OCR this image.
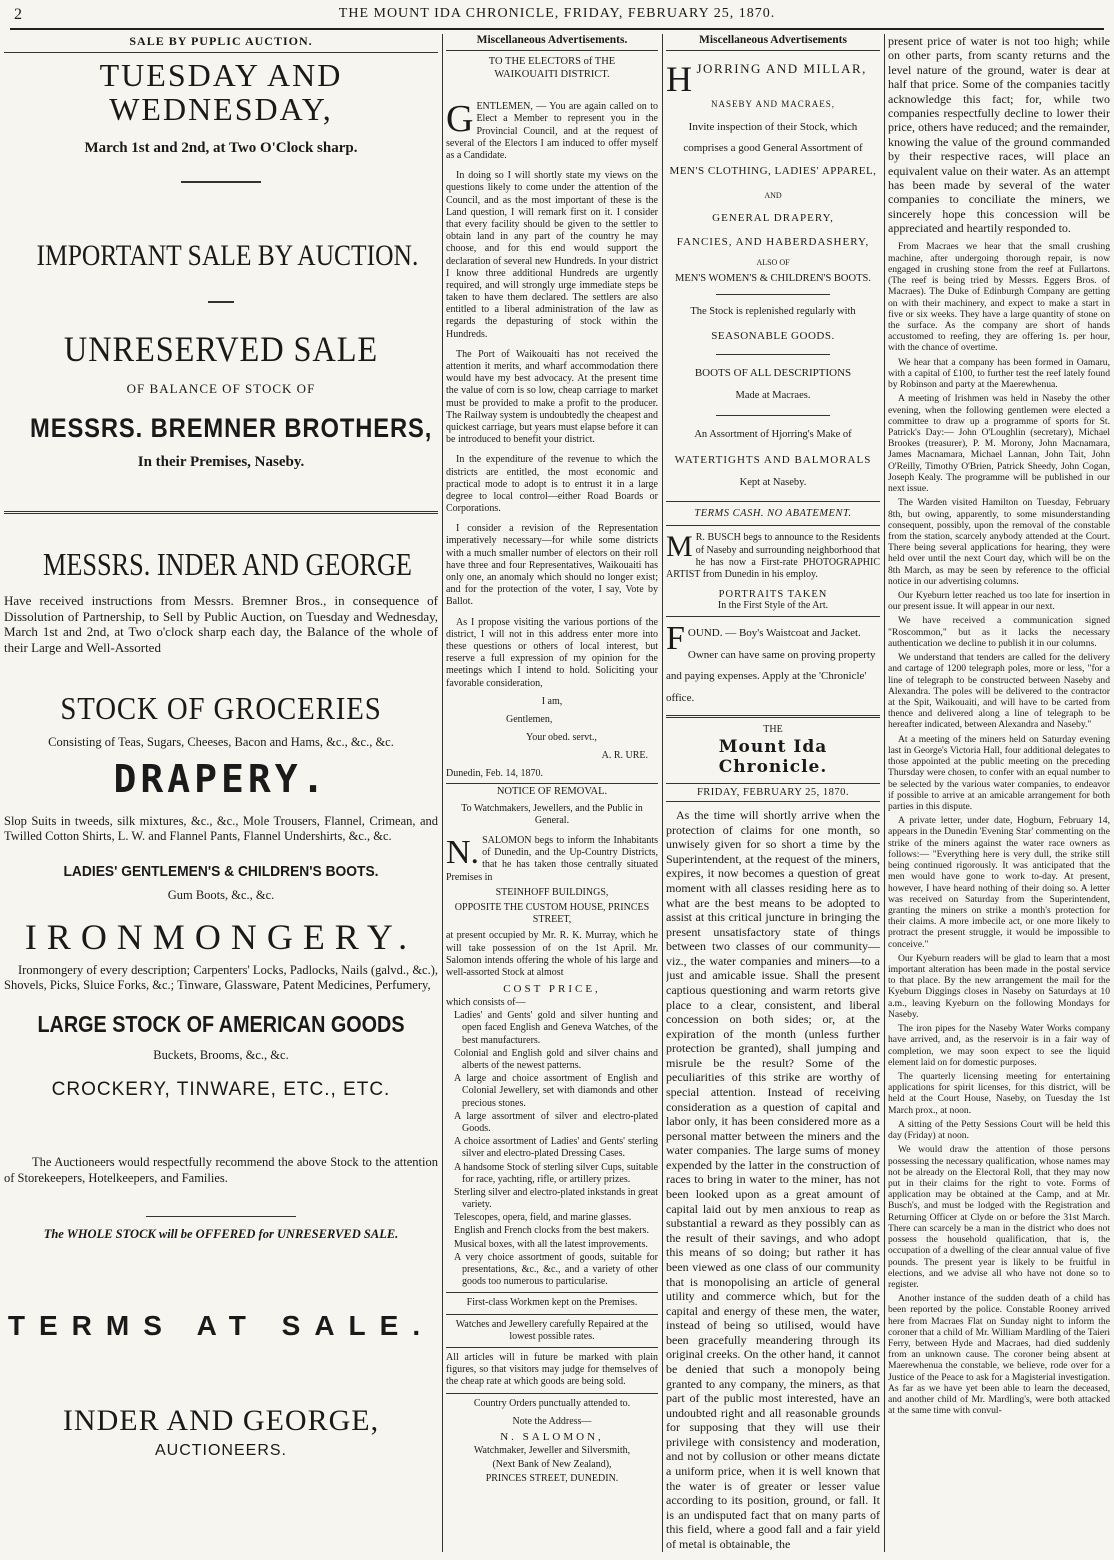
2	THE MOUNT IDA CHRONICLE, FRIDAY, FEBRUARY 25, 1870.
SALE BY PUPLIC AUCTION.
TUESDAY AND WEDNESDAY,
March 1st and 2nd, at Two O'Clock sharp.
IMPORTANT SALE BY AUCTION.
UNRESERVED SALE
OF BALANCE OF STOCK OF
MESSRS. BREMNER BROTHERS,
In their Premises, Naseby.
MESSRS. INDER AND GEORGE

Have received instructions from Messrs. Bremner Bros., in consequence of Dissolution of Partnership, to Sell by Public Auction, on Tuesday and Wednesday, March 1st and 2nd, at Two o'clock sharp each day, the Balance of the whole of their Large and Well-Assorted

STOCK OF GROCERIES
Consisting of Teas, Sugars, Cheeses, Bacon and Hams, &c., &c., &c.
DRAPERY.

Slop Suits in tweeds, silk mixtures, &c., &c., Mole Trousers, Flannel, Crimean, and Twilled Cotton Shirts, L. W. and Flannel Pants, Flannel Undershirts, &c., &c.

LADIES' GENTLEMEN'S & CHILDREN'S BOOTS.
Gum Boots, &c., &c.
IRONMONGERY.

Ironmongery of every description; Carpenters' Locks, Padlocks, Nails (galvd., &c.), Shovels, Picks, Sluice Forks, &c.; Tinware, Glassware, Patent Medicines, Perfumery,

LARGE STOCK OF AMERICAN GOODS
Buckets, Brooms, &c., &c.
CROCKERY, TINWARE, ETC., ETC.

The Auctioneers would respectfully recommend the above Stock to the attention of Storekeepers, Hotelkeepers, and Families.

The WHOLE STOCK will be OFFERED for UNRESERVED SALE.
TERMS AT SALE.
INDER AND GEORGE,
AUCTIONEERS.
Miscellaneous Advertisements.
TO THE ELECTORS of THE WAIKOUAITI DISTRICT.

GENTLEMEN, — You are again called on to Elect a Member to represent you in the Provincial Council, and at the request of several of the Electors I am induced to offer myself as a Candidate.

In doing so I will shortly state my views on the questions likely to come under the attention of the Council, and as the most important of these is the Land question, I will remark first on it. I consider that every facility should be given to the settler to obtain land in any part of the country he may choose, and for this end would support the declaration of several new Hundreds. In your district I know three additional Hundreds are urgently required, and will strongly urge immediate steps be taken to have them declared. The settlers are also entitled to a liberal administration of the law as regards the depasturing of stock within the Hundreds.

The Port of Waikouaiti has not received the attention it merits, and wharf accommodation there would have my best advocacy. At the present time the value of corn is so low, cheap carriage to market must be provided to make a profit to the producer. The Railway system is undoubtedly the cheapest and quickest carriage, but years must elapse before it can be introduced to benefit your district.

In the expenditure of the revenue to which the districts are entitled, the most economic and practical mode to adopt is to entrust it in a large degree to local control—either Road Boards or Corporations.

I consider a revision of the Representation imperatively necessary—for while some districts with a much smaller number of electors on their roll have three and four Representatives, Waikouaiti has only one, an anomaly which should no longer exist; and for the protection of the voter, I say, Vote by Ballot.

As I propose visiting the various portions of the district, I will not in this address enter more into these questions or others of local interest, but reserve a full expression of my opinion for the meetings which I intend to hold. Soliciting your favorable consideration,

I am,
Gentlemen,
Your obed. servt.,
A. R. URE.
Dunedin, Feb. 14, 1870.
NOTICE OF REMOVAL.
To Watchmakers, Jewellers, and the Public in General.

N. SALOMON begs to inform the Inhabitants of Dunedin, and the Up-Country Districts, that he has taken those centrally situated Premises in

STEINHOFF BUILDINGS,
OPPOSITE THE CUSTOM HOUSE, PRINCES STREET,

at present occupied by Mr. R. K. Murray, which he will take possession of on the 1st April. Mr. Salomon intends offering the whole of his large and well-assorted Stock at almost

COST PRICE,
which consists of—

Ladies' and Gents' gold and silver hunting and open faced English and Geneva Watches, of the best manufacturers.

Colonial and English gold and silver chains and alberts of the newest patterns.

A large and choice assortment of English and Colonial Jewellery, set with diamonds and other precious stones.

A large assortment of silver and electro-plated Goods.

A choice assortment of Ladies' and Gents' sterling silver and electro-plated Dressing Cases.

A handsome Stock of sterling silver Cups, suitable for race, yachting, rifle, or artillery prizes.

Sterling silver and electro-plated inkstands in great variety.

Telescopes, opera, field, and marine glasses.

English and French clocks from the best makers.

Musical boxes, with all the latest improvements.

A very choice assortment of goods, suitable for presentations, &c., &c., and a variety of other goods too numerous to particularise.

First-class Workmen kept on the Premises.
Watches and Jewellery carefully Repaired at the lowest possible rates.
All articles will in future be marked with plain figures, so that visitors may judge for themselves of the cheap rate at which goods are being sold.
Country Orders punctually attended to.
Note the Address—
N. SALOMON,
Watchmaker, Jeweller and Silversmith,
(Next Bank of New Zealand),
PRINCES STREET, DUNEDIN.
Miscellaneous Advertisements
HJORRING AND MILLAR,
NASEBY AND MACRAES,
Invite inspection of their Stock, which comprises a good General Assortment of
MEN'S CLOTHING, LADIES' APPAREL,
AND
GENERAL DRAPERY,
FANCIES, AND HABERDASHERY,
ALSO OF
MEN'S WOMEN'S & CHILDREN'S BOOTS.
The Stock is replenished regularly with
SEASONABLE GOODS.
BOOTS OF ALL DESCRIPTIONS
Made at Macraes.
An Assortment of Hjorring's Make of
WATERTIGHTS AND BALMORALS
Kept at Naseby.
TERMS CASH. NO ABATEMENT.
M R. BUSCH begs to announce to the Residents of Naseby and surrounding neighborhood that he has now a First-rate PHOTOGRAPHIC ARTIST from Dunedin in his employ.
PORTRAITS TAKEN
In the First Style of the Art.
FOUND. — Boy's Waistcoat and Jacket. Owner can have same on proving property and paying expenses. Apply at the 'Chronicle' office.
THE
Mount Ida Chronicle.
FRIDAY, FEBRUARY 25, 1870.

As the time will shortly arrive when the protection of claims for one month, so unwisely given for so short a time by the Superintendent, at the request of the miners, expires, it now becomes a question of great moment with all classes residing here as to what are the best means to be adopted to assist at this critical juncture in bringing the present unsatisfactory state of things between two classes of our community—viz., the water companies and miners—to a just and amicable issue. Shall the present captious questioning and warm retorts give place to a clear, consistent, and liberal concession on both sides; or, at the expiration of the month (unless further protection be granted), shall jumping and misrule be the result? Some of the peculiarities of this strike are worthy of special attention. Instead of receiving consideration as a question of capital and labor only, it has been considered more as a personal matter between the miners and the water companies. The large sums of money expended by the latter in the construction of races to bring in water to the miner, has not been looked upon as a great amount of capital laid out by men anxious to reap as substantial a reward as they possibly can as the result of their savings, and who adopt this means of so doing; but rather it has been viewed as one class of our community that is monopolising an article of general utility and commerce which, but for the capital and energy of these men, the water, instead of being so utilised, would have been gracefully meandering through its original creeks. On the other hand, it cannot be denied that such a monopoly being granted to any company, the miners, as that part of the public most interested, have an undoubted right and all reasonable grounds for supposing that they will use their privilege with consistency and moderation, and not by collusion or other means dictate a uniform price, when it is well known that the water is of greater or lesser value according to its position, ground, or fall. It is an undisputed fact that on many parts of this field, where a good fall and a fair yield of metal is obtainable, the

present price of water is not too high; while on other parts, from scanty returns and the level nature of the ground, water is dear at half that price. Some of the companies tacitly acknowledge this fact; for, while two companies respectfully decline to lower their price, others have reduced; and the remainder, knowing the value of the ground commanded by their respective races, will place an equivalent value on their water. As an attempt has been made by several of the water companies to conciliate the miners, we sincerely hope this concession will be appreciated and heartily responded to.

From Macraes we hear that the small crushing machine, after undergoing thorough repair, is now engaged in crushing stone from the reef at Fullartons. (The reef is being tried by Messrs. Eggers Bros. of Macraes). The Duke of Edinburgh Company are getting on with their machinery, and expect to make a start in five or six weeks. They have a large quantity of stone on the surface. As the company are short of hands accustomed to reefing, they are offering 1s. per hour, with the chance of overtime.

We hear that a company has been formed in Oamaru, with a capital of £100, to further test the reef lately found by Robinson and party at the Maerewhenua.

A meeting of Irishmen was held in Naseby the other evening, when the following gentlemen were elected a committee to draw up a programme of sports for St. Patrick's Day:— John O'Loughlin (secretary), Michael Brookes (treasurer), P. M. Morony, John Macnamara, James Macnamara, Michael Lannan, John Tait, John O'Reilly, Timothy O'Brien, Patrick Sheedy, John Cogan, Joseph Kealy. The programme will be published in our next issue.

The Warden visited Hamilton on Tuesday, February 8th, but owing, apparently, to some misunderstanding consequent, possibly, upon the removal of the constable from the station, scarcely anybody attended at the Court. There being several applications for hearing, they were held over until the next Court day, which will be on the 8th March, as may be seen by reference to the official notice in our advertising columns.

Our Kyeburn letter reached us too late for insertion in our present issue. It will appear in our next.

We have received a communication signed "Roscommon," but as it lacks the necessary authentication we decline to publish it in our columns.

We understand that tenders are called for the delivery and cartage of 1200 telegraph poles, more or less, "for a line of telegraph to be constructed between Naseby and Alexandra. The poles will be delivered to the contractor at the Spit, Waikouaiti, and will have to be carted from thence and delivered along a line of telegraph to be hereafter indicated, between Alexandra and Naseby."

At a meeting of the miners held on Saturday evening last in George's Victoria Hall, four additional delegates to those appointed at the public meeting on the preceding Thursday were chosen, to confer with an equal number to be selected by the various water companies, to endeavor if possible to arrive at an amicable arrangement for both parties in this dispute.

A private letter, under date, Hogburn, February 14, appears in the Dunedin 'Evening Star' commenting on the strike of the miners against the water race owners as follows:— "Everything here is very dull, the strike still being continued rigorously. It was anticipated that the men would have gone to work to-day. At present, however, I have heard nothing of their doing so. A letter was received on Saturday from the Superintendent, granting the miners on strike a month's protection for their claims. A more imbecile act, or one more likely to protract the present struggle, it would be impossible to conceive."

Our Kyeburn readers will be glad to learn that a most important alteration has been made in the postal service to that place. By the new arrangement the mail for the Kyeburn Diggings closes in Naseby on Saturdays at 10 a.m., leaving Kyeburn on the following Mondays for Naseby.

The iron pipes for the Naseby Water Works company have arrived, and, as the reservoir is in a fair way of completion, we may soon expect to see the liquid element laid on for domestic purposes.

The quarterly licensing meeting for entertaining applications for spirit licenses, for this district, will be held at the Court House, Naseby, on Tuesday the 1st March prox., at noon.

A sitting of the Petty Sessions Court will be held this day (Friday) at noon.

We would draw the attention of those persons possessing the necessary qualification, whose names may not be already on the Electoral Roll, that they may now put in their claims for the right to vote. Forms of application may be obtained at the Camp, and at Mr. Busch's, and must be lodged with the Registration and Returning Officer at Clyde on or before the 31st March. There can scarcely be a man in the district who does not possess the household qualification, that is, the occupation of a dwelling of the clear annual value of five pounds. The present year is likely to be fruitful in elections, and we advise all who have not done so to register.

Another instance of the sudden death of a child has been reported by the police. Constable Rooney arrived here from Macraes Flat on Sunday night to inform the coroner that a child of Mr. William Mardling of the Taieri Ferry, between Hyde and Macraes, had died suddenly from an unknown cause. The coroner being absent at Maerewhenua the constable, we believe, rode over for a Justice of the Peace to ask for a Magisterial investigation. As far as we have yet been able to learn the deceased, and another child of Mr. Mardling's, were both attacked at the same time with convul-
